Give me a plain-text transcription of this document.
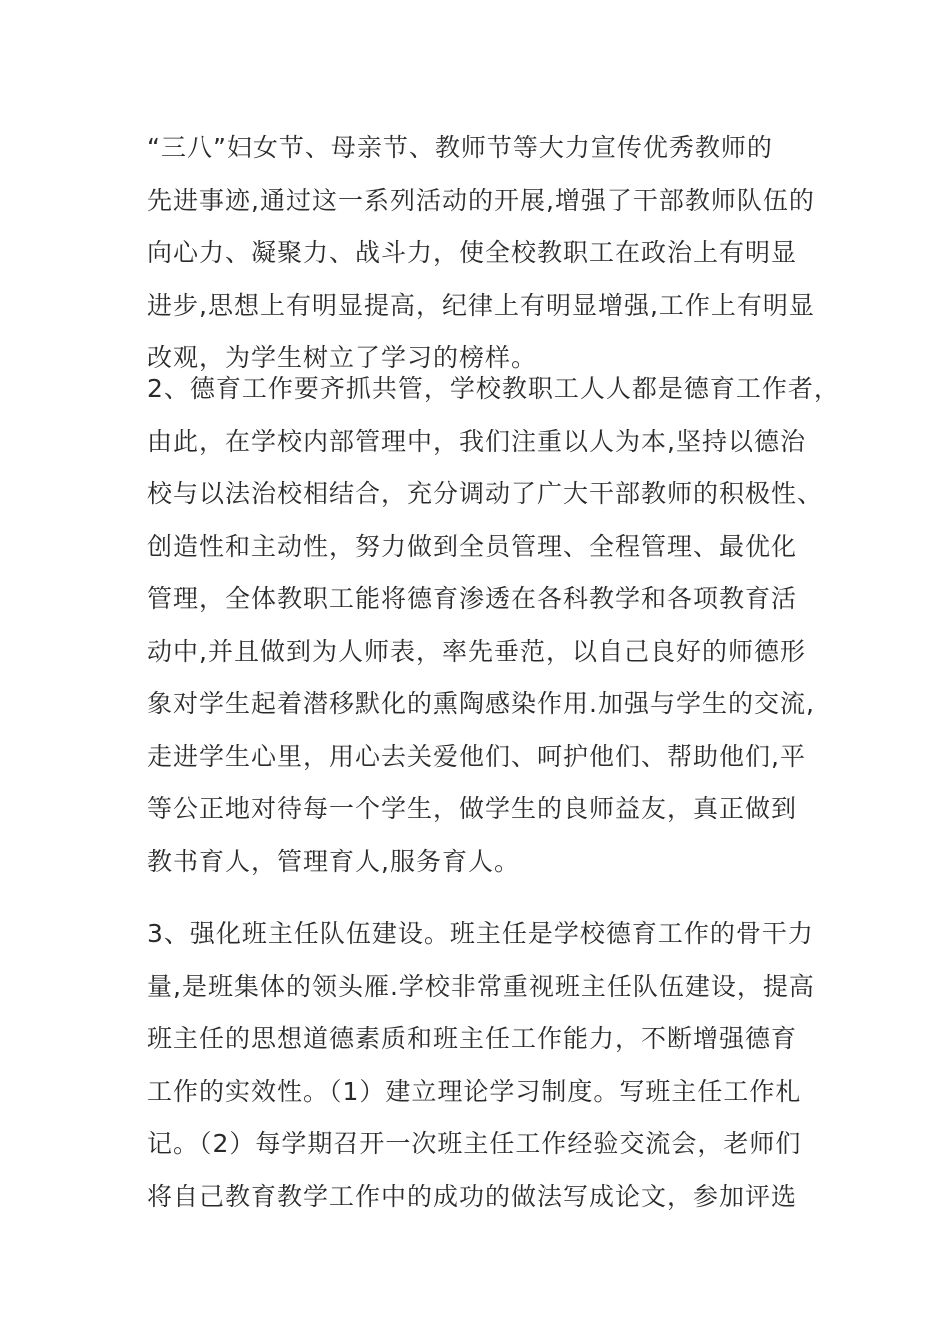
“三八”妇女节、母亲节、教师节等大力宣传优秀教师的
先进事迹,通过这一系列活动的开展,增强了干部教师队伍的
向心力、凝聚力、战斗力，使全校教职工在政治上有明显
进步,思想上有明显提高，纪律上有明显增强,工作上有明显
改观，为学生树立了学习的榜样。
2、德育工作要齐抓共管，学校教职工人人都是德育工作者，
由此，在学校内部管理中，我们注重以人为本,坚持以德治
校与以法治校相结合，充分调动了广大干部教师的积极性、
创造性和主动性，努力做到全员管理、全程管理、最优化
管理，全体教职工能将德育渗透在各科教学和各项教育活
动中,并且做到为人师表，率先垂范，以自己良好的师德形
象对学生起着潜移默化的熏陶感染作用.加强与学生的交流,
走进学生心里，用心去关爱他们、呵护他们、帮助他们,平
等公正地对待每一个学生，做学生的良师益友，真正做到
教书育人，管理育人,服务育人。
3、强化班主任队伍建设。班主任是学校德育工作的骨干力
量,是班集体的领头雁.学校非常重视班主任队伍建设，提高
班主任的思想道德素质和班主任工作能力，不断增强德育
工作的实效性。（1）建立理论学习制度。写班主任工作札
记。（2）每学期召开一次班主任工作经验交流会，老师们
将自己教育教学工作中的成功的做法写成论文，参加评选
